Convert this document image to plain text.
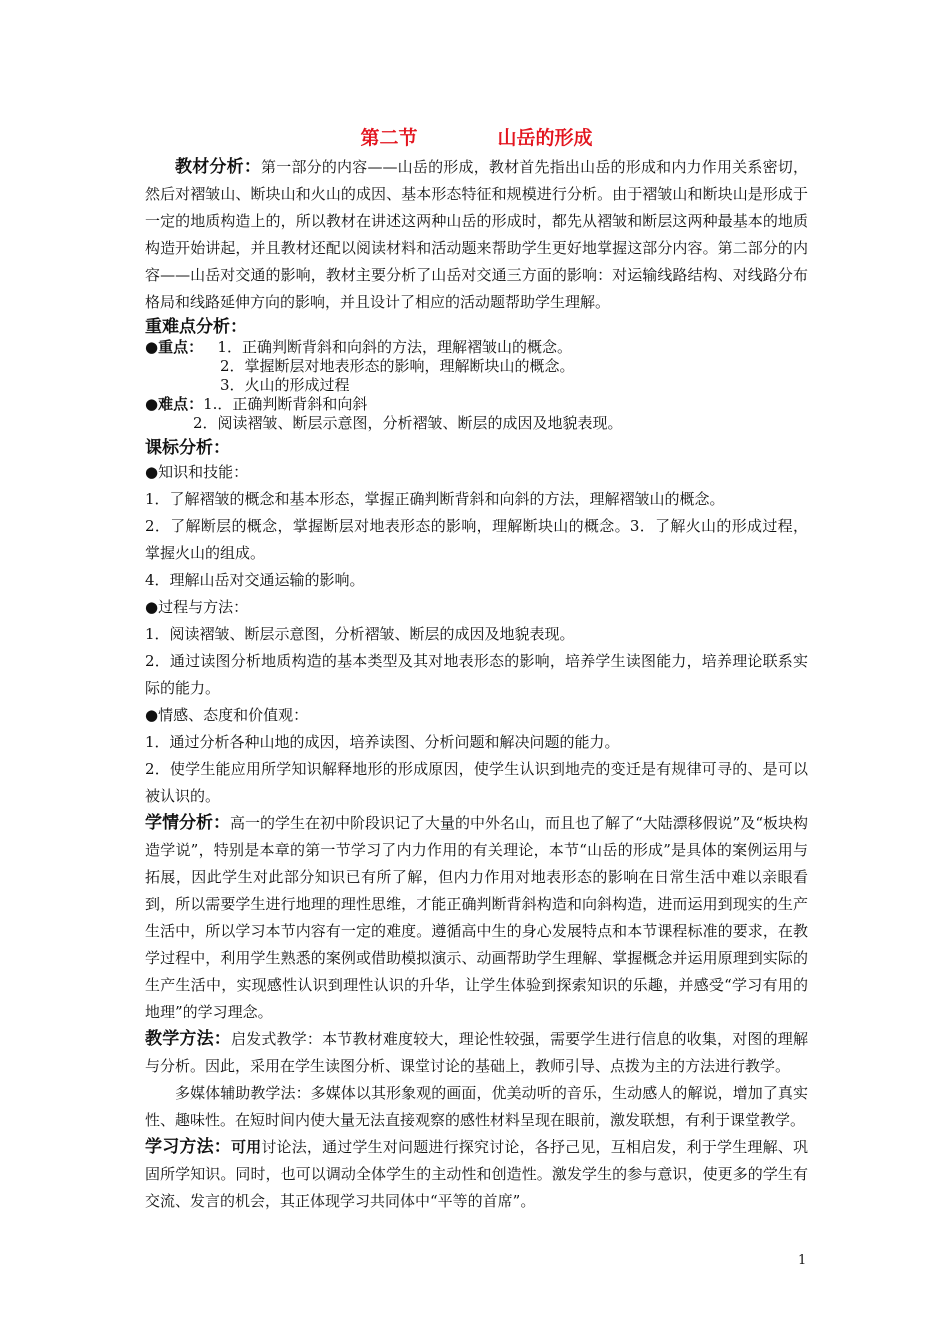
第二节	山岳的形成

教材分析：第一部分的内容——山岳的形成，教材首先指出山岳的形成和内力作用关系密切，然后对褶皱山、断块山和火山的成因、基本形态特征和规模进行分析。由于褶皱山和断块山是形成于一定的地质构造上的，所以教材在讲述这两种山岳的形成时，都先从褶皱和断层这两种最基本的地质构造开始讲起，并且教材还配以阅读材料和活动题来帮助学生更好地掌握这部分内容。第二部分的内容——山岳对交通的影响，教材主要分析了山岳对交通三方面的影响：对运输线路结构、对线路分布格局和线路延伸方向的影响，并且设计了相应的活动题帮助学生理解。

重难点分析：
●重点： 1．正确判断背斜和向斜的方法，理解褶皱山的概念。
2．掌握断层对地表形态的影响，理解断块山的概念。
3．火山的形成过程
●难点：1.．正确判断背斜和向斜
2．阅读褶皱、断层示意图，分析褶皱、断层的成因及地貌表现。
课标分析：

●知识和技能：

1．了解褶皱的概念和基本形态，掌握正确判断背斜和向斜的方法，理解褶皱山的概念。

2．了解断层的概念，掌握断层对地表形态的影响，理解断块山的概念。3．了解火山的形成过程，掌握火山的组成。

4．理解山岳对交通运输的影响。

●过程与方法：

1．阅读褶皱、断层示意图，分析褶皱、断层的成因及地貌表现。

2．通过读图分析地质构造的基本类型及其对地表形态的影响，培养学生读图能力，培养理论联系实际的能力。

●情感、态度和价值观：

1．通过分析各种山地的成因，培养读图、分析问题和解决问题的能力。

2．使学生能应用所学知识解释地形的形成原因，使学生认识到地壳的变迁是有规律可寻的、是可以被认识的。

学情分析：高一的学生在初中阶段识记了大量的中外名山，而且也了解了“大陆漂移假说”及“板块构造学说”，特别是本章的第一节学习了内力作用的有关理论，本节“山岳的形成”是具体的案例运用与拓展，因此学生对此部分知识已有所了解，但内力作用对地表形态的影响在日常生活中难以亲眼看到，所以需要学生进行地理的理性思维，才能正确判断背斜构造和向斜构造，进而运用到现实的生产生活中，所以学习本节内容有一定的难度。遵循高中生的身心发展特点和本节课程标准的要求，在教学过程中，利用学生熟悉的案例或借助模拟演示、动画帮助学生理解、掌握概念并运用原理到实际的生产生活中，实现感性认识到理性认识的升华，让学生体验到探索知识的乐趣，并感受“学习有用的地理”的学习理念。

教学方法：启发式教学：本节教材难度较大，理论性较强，需要学生进行信息的收集，对图的理解与分析。因此，采用在学生读图分析、课堂讨论的基础上，教师引导、点拨为主的方法进行教学。

多媒体辅助教学法：多媒体以其形象观的画面，优美动听的音乐，生动感人的解说，增加了真实性、趣味性。在短时间内使大量无法直接观察的感性材料呈现在眼前，激发联想，有利于课堂教学。

学习方法：可用讨论法，通过学生对问题进行探究讨论，各抒己见，互相启发，利于学生理解、巩固所学知识。同时，也可以调动全体学生的主动性和创造性。激发学生的参与意识，使更多的学生有交流、发言的机会，其正体现学习共同体中“平等的首席”。

1
